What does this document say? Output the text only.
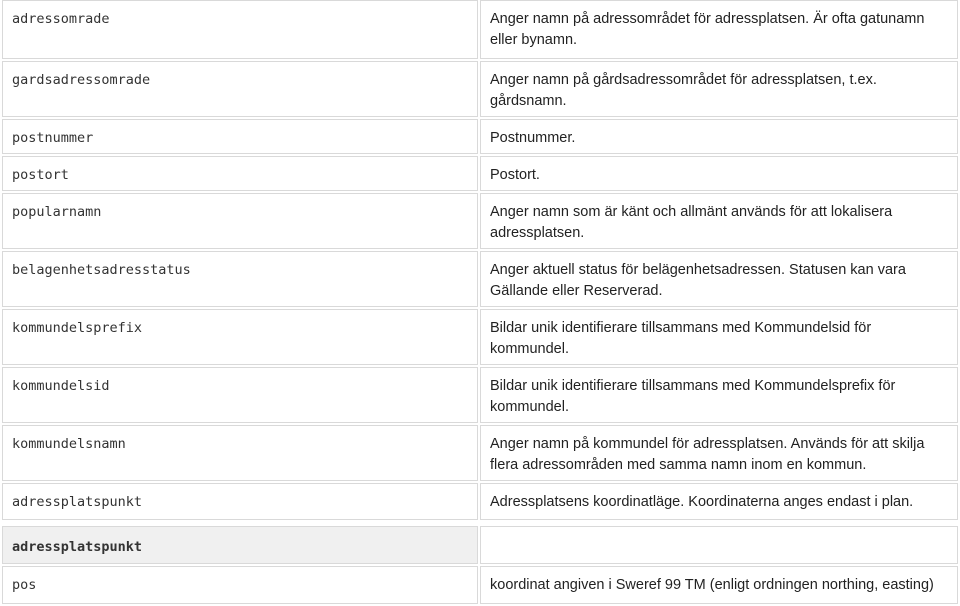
adressomrade	Anger namn på adressområdet för adressplatsen. Är ofta gatunamn eller bynamn.
gardsadressomrade	Anger namn på gårdsadressområdet för adressplatsen, t.ex. gårdsnamn.
postnummer	Postnummer.
postort	Postort.
popularnamn	Anger namn som är känt och allmänt används för att lokalisera adressplatsen.
belagenhetsadresstatus	Anger aktuell status för belägenhetsadressen. Statusen kan vara Gällande eller Reserverad.
kommundelsprefix	Bildar unik identifierare tillsammans med Kommundelsid för kommundel.
kommundelsid	Bildar unik identifierare tillsammans med Kommundelsprefix för kommundel.
kommundelsnamn	Anger namn på kommundel för adressplatsen. Används för att skilja flera adressområden med samma namn inom en kommun.
adressplatspunkt	Adressplatsens koordinatläge. Koordinaterna anges endast i plan.
adressplatspunkt	
pos	koordinat angiven i Sweref 99 TM (enligt ordningen northing, easting)
